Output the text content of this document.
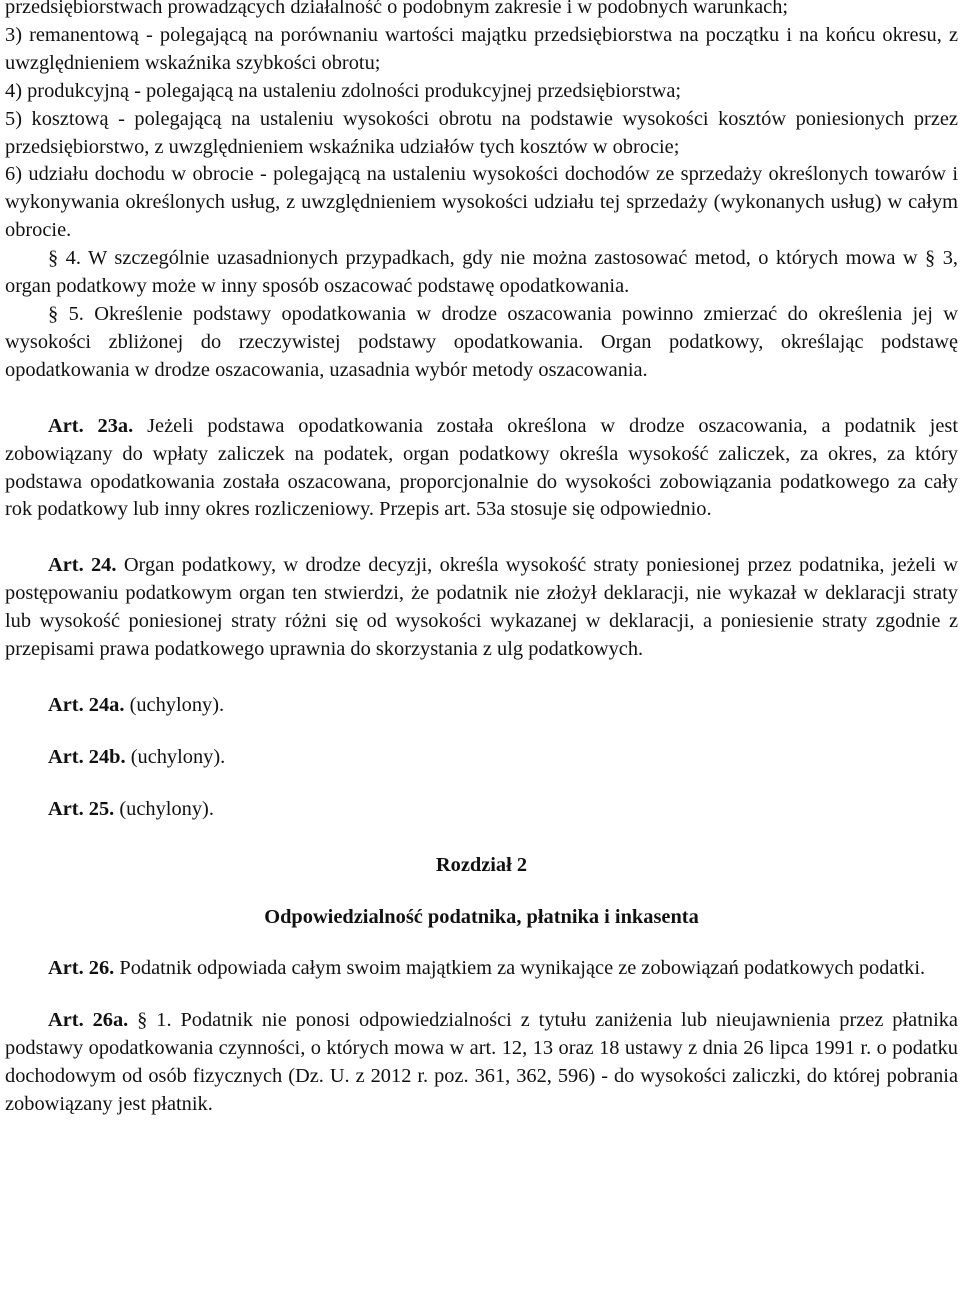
przedsiębiorstwach prowadzących działalność o podobnym zakresie i w podobnych warunkach;

3) remanentową - polegającą na porównaniu wartości majątku przedsiębiorstwa na początku i na końcu okresu, z uwzględnieniem wskaźnika szybkości obrotu;

4) produkcyjną - polegającą na ustaleniu zdolności produkcyjnej przedsiębiorstwa;

5) kosztową - polegającą na ustaleniu wysokości obrotu na podstawie wysokości kosztów poniesionych przez przedsiębiorstwo, z uwzględnieniem wskaźnika udziałów tych kosztów w obrocie;

6) udziału dochodu w obrocie - polegającą na ustaleniu wysokości dochodów ze sprzedaży określonych towarów i wykonywania określonych usług, z uwzględnieniem wysokości udziału tej sprzedaży (wykonanych usług) w całym obrocie.

§ 4. W szczególnie uzasadnionych przypadkach, gdy nie można zastosować metod, o których mowa w § 3, organ podatkowy może w inny sposób oszacować podstawę opodatkowania.

§ 5. Określenie podstawy opodatkowania w drodze oszacowania powinno zmierzać do określenia jej w wysokości zbliżonej do rzeczywistej podstawy opodatkowania. Organ podatkowy, określając podstawę opodatkowania w drodze oszacowania, uzasadnia wybór metody oszacowania.

Art. 23a. Jeżeli podstawa opodatkowania została określona w drodze oszacowania, a podatnik jest zobowiązany do wpłaty zaliczek na podatek, organ podatkowy określa wysokość zaliczek, za okres, za który podstawa opodatkowania została oszacowana, proporcjonalnie do wysokości zobowiązania podatkowego za cały rok podatkowy lub inny okres rozliczeniowy. Przepis art. 53a stosuje się odpowiednio.

Art. 24. Organ podatkowy, w drodze decyzji, określa wysokość straty poniesionej przez podatnika, jeżeli w postępowaniu podatkowym organ ten stwierdzi, że podatnik nie złożył deklaracji, nie wykazał w deklaracji straty lub wysokość poniesionej straty różni się od wysokości wykazanej w deklaracji, a poniesienie straty zgodnie z przepisami prawa podatkowego uprawnia do skorzystania z ulg podatkowych.

Art. 24a. (uchylony).

Art. 24b. (uchylony).

Art. 25. (uchylony).

Rozdział 2

Odpowiedzialność podatnika, płatnika i inkasenta

Art. 26. Podatnik odpowiada całym swoim majątkiem za wynikające ze zobowiązań podatkowych podatki.

Art. 26a. § 1. Podatnik nie ponosi odpowiedzialności z tytułu zaniżenia lub nieujawnienia przez płatnika podstawy opodatkowania czynności, o których mowa w art. 12, 13 oraz 18 ustawy z dnia 26 lipca 1991 r. o podatku dochodowym od osób fizycznych (Dz. U. z 2012 r. poz. 361, 362, 596) - do wysokości zaliczki, do której pobrania zobowiązany jest płatnik.
